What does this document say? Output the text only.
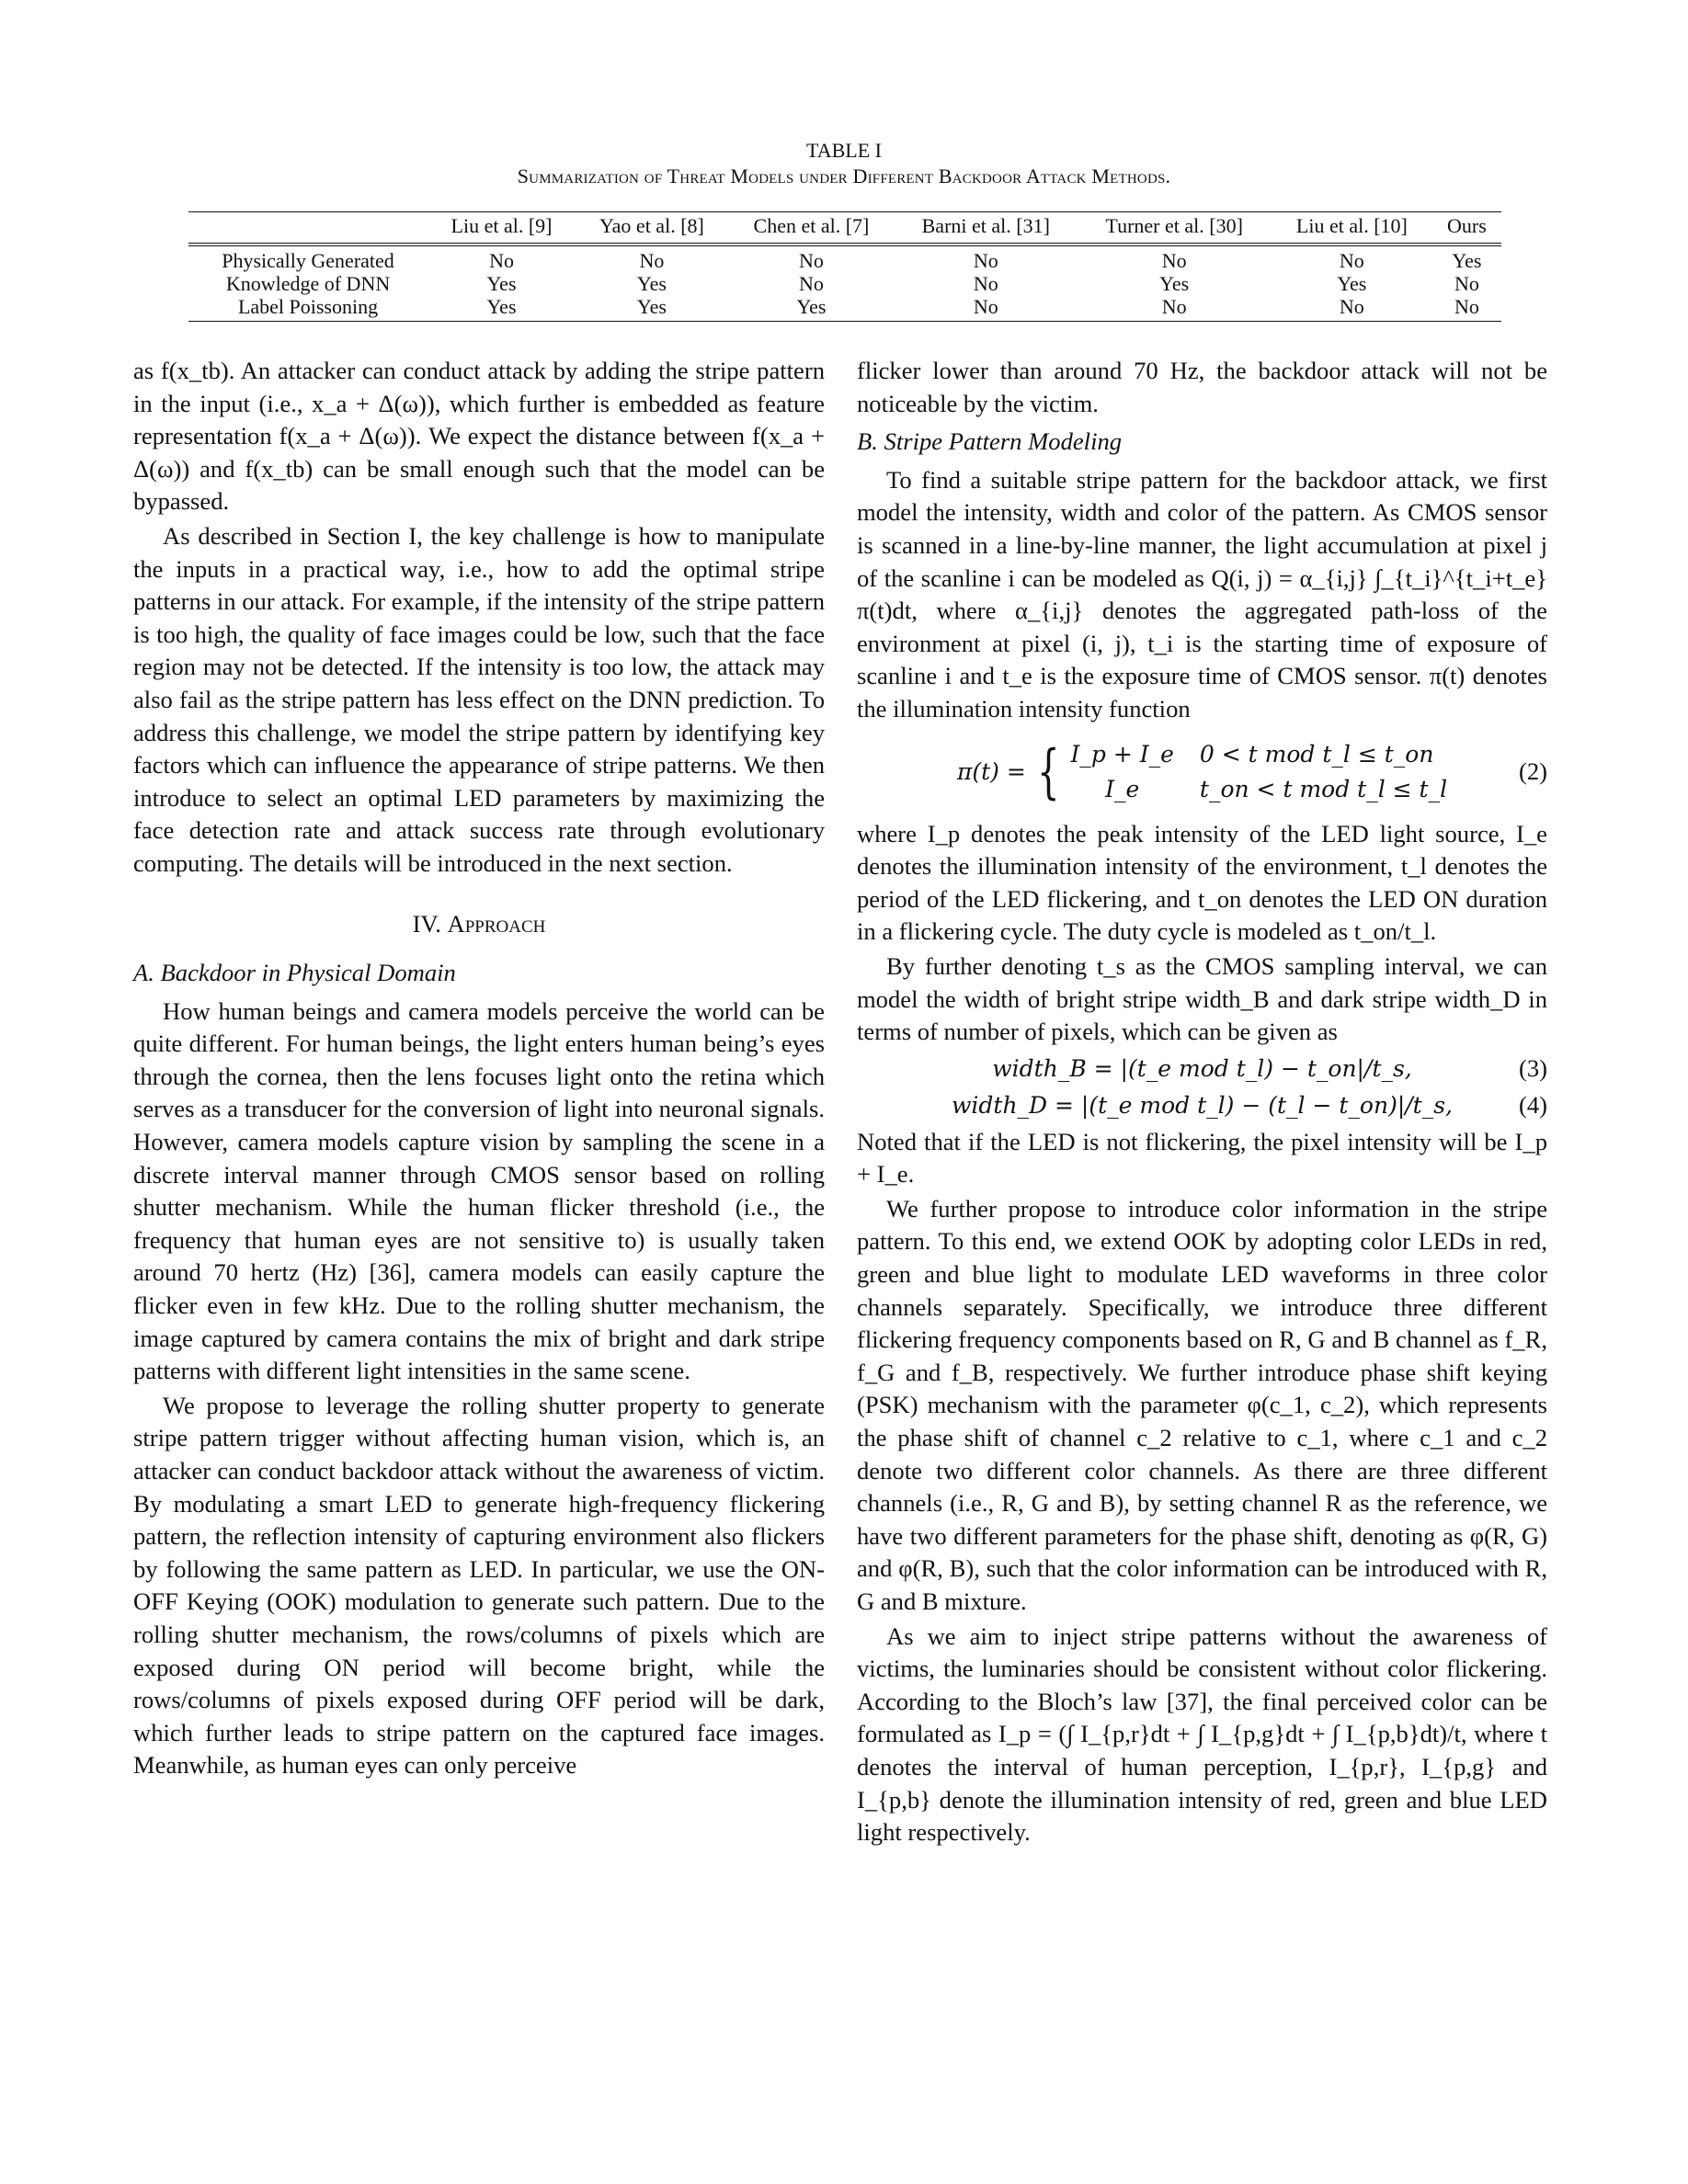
TABLE I
Summarization of Threat Models under Different Backdoor Attack Methods.
	Liu et al. [9]	Yao et al. [8]	Chen et al. [7]	Barni et al. [31]	Turner et al. [30]	Liu et al. [10]	Ours
Physically Generated	No	No	No	No	No	No	Yes
Knowledge of DNN	Yes	Yes	No	No	Yes	Yes	No
Label Poissoning	Yes	Yes	Yes	No	No	No	No

as f(x_tb). An attacker can conduct attack by adding the stripe pattern in the input (i.e., x_a + Δ(ω)), which further is embedded as feature representation f(x_a + Δ(ω)). We expect the distance between f(x_a + Δ(ω)) and f(x_tb) can be small enough such that the model can be bypassed.

As described in Section I, the key challenge is how to manipulate the inputs in a practical way, i.e., how to add the optimal stripe patterns in our attack. For example, if the intensity of the stripe pattern is too high, the quality of face images could be low, such that the face region may not be detected. If the intensity is too low, the attack may also fail as the stripe pattern has less effect on the DNN prediction. To address this challenge, we model the stripe pattern by identifying key factors which can influence the appearance of stripe patterns. We then introduce to select an optimal LED parameters by maximizing the face detection rate and attack success rate through evolutionary computing. The details will be introduced in the next section.

IV. Approach
A. Backdoor in Physical Domain

How human beings and camera models perceive the world can be quite different. For human beings, the light enters human being’s eyes through the cornea, then the lens focuses light onto the retina which serves as a transducer for the conversion of light into neuronal signals. However, camera models capture vision by sampling the scene in a discrete interval manner through CMOS sensor based on rolling shutter mechanism. While the human flicker threshold (i.e., the frequency that human eyes are not sensitive to) is usually taken around 70 hertz (Hz) [36], camera models can easily capture the flicker even in few kHz. Due to the rolling shutter mechanism, the image captured by camera contains the mix of bright and dark stripe patterns with different light intensities in the same scene.

We propose to leverage the rolling shutter property to generate stripe pattern trigger without affecting human vision, which is, an attacker can conduct backdoor attack without the awareness of victim. By modulating a smart LED to generate high-frequency flickering pattern, the reflection intensity of capturing environment also flickers by following the same pattern as LED. In particular, we use the ON-OFF Keying (OOK) modulation to generate such pattern. Due to the rolling shutter mechanism, the rows/columns of pixels which are exposed during ON period will become bright, while the rows/columns of pixels exposed during OFF period will be dark, which further leads to stripe pattern on the captured face images. Meanwhile, as human eyes can only perceive

flicker lower than around 70 Hz, the backdoor attack will not be noticeable by the victim.

B. Stripe Pattern Modeling

To find a suitable stripe pattern for the backdoor attack, we first model the intensity, width and color of the pattern. As CMOS sensor is scanned in a line-by-line manner, the light accumulation at pixel j of the scanline i can be modeled as Q(i, j) = α_{i,j} ∫_{t_i}^{t_i+t_e} π(t)dt, where α_{i,j} denotes the aggregated path-loss of the environment at pixel (i, j), t_i is the starting time of exposure of scanline i and t_e is the exposure time of CMOS sensor. π(t) denotes the illumination intensity function

π(t) = { I_p + I_e 0 < t mod t_l ≤ t_on
I_e	t_on < t mod t_l ≤ t_l
(2)

where I_p denotes the peak intensity of the LED light source, I_e denotes the illumination intensity of the environment, t_l denotes the period of the LED flickering, and t_on denotes the LED ON duration in a flickering cycle. The duty cycle is modeled as t_on/t_l.

By further denoting t_s as the CMOS sampling interval, we can model the width of bright stripe width_B and dark stripe width_D in terms of number of pixels, which can be given as

width_B = |(t_e mod t_l) − t_on|/t_s,	(3)
width_D = |(t_e mod t_l) − (t_l − t_on)|/t_s,	(4)

Noted that if the LED is not flickering, the pixel intensity will be I_p + I_e.

We further propose to introduce color information in the stripe pattern. To this end, we extend OOK by adopting color LEDs in red, green and blue light to modulate LED waveforms in three color channels separately. Specifically, we introduce three different flickering frequency components based on R, G and B channel as f_R, f_G and f_B, respectively. We further introduce phase shift keying (PSK) mechanism with the parameter φ(c_1, c_2), which represents the phase shift of channel c_2 relative to c_1, where c_1 and c_2 denote two different color channels. As there are three different channels (i.e., R, G and B), by setting channel R as the reference, we have two different parameters for the phase shift, denoting as φ(R, G) and φ(R, B), such that the color information can be introduced with R, G and B mixture.

As we aim to inject stripe patterns without the awareness of victims, the luminaries should be consistent without color flickering. According to the Bloch’s law [37], the final perceived color can be formulated as I_p = (∫ I_{p,r}dt + ∫ I_{p,g}dt + ∫ I_{p,b}dt)/t, where t denotes the interval of human perception, I_{p,r}, I_{p,g} and I_{p,b} denote the illumination intensity of red, green and blue LED light respectively.
